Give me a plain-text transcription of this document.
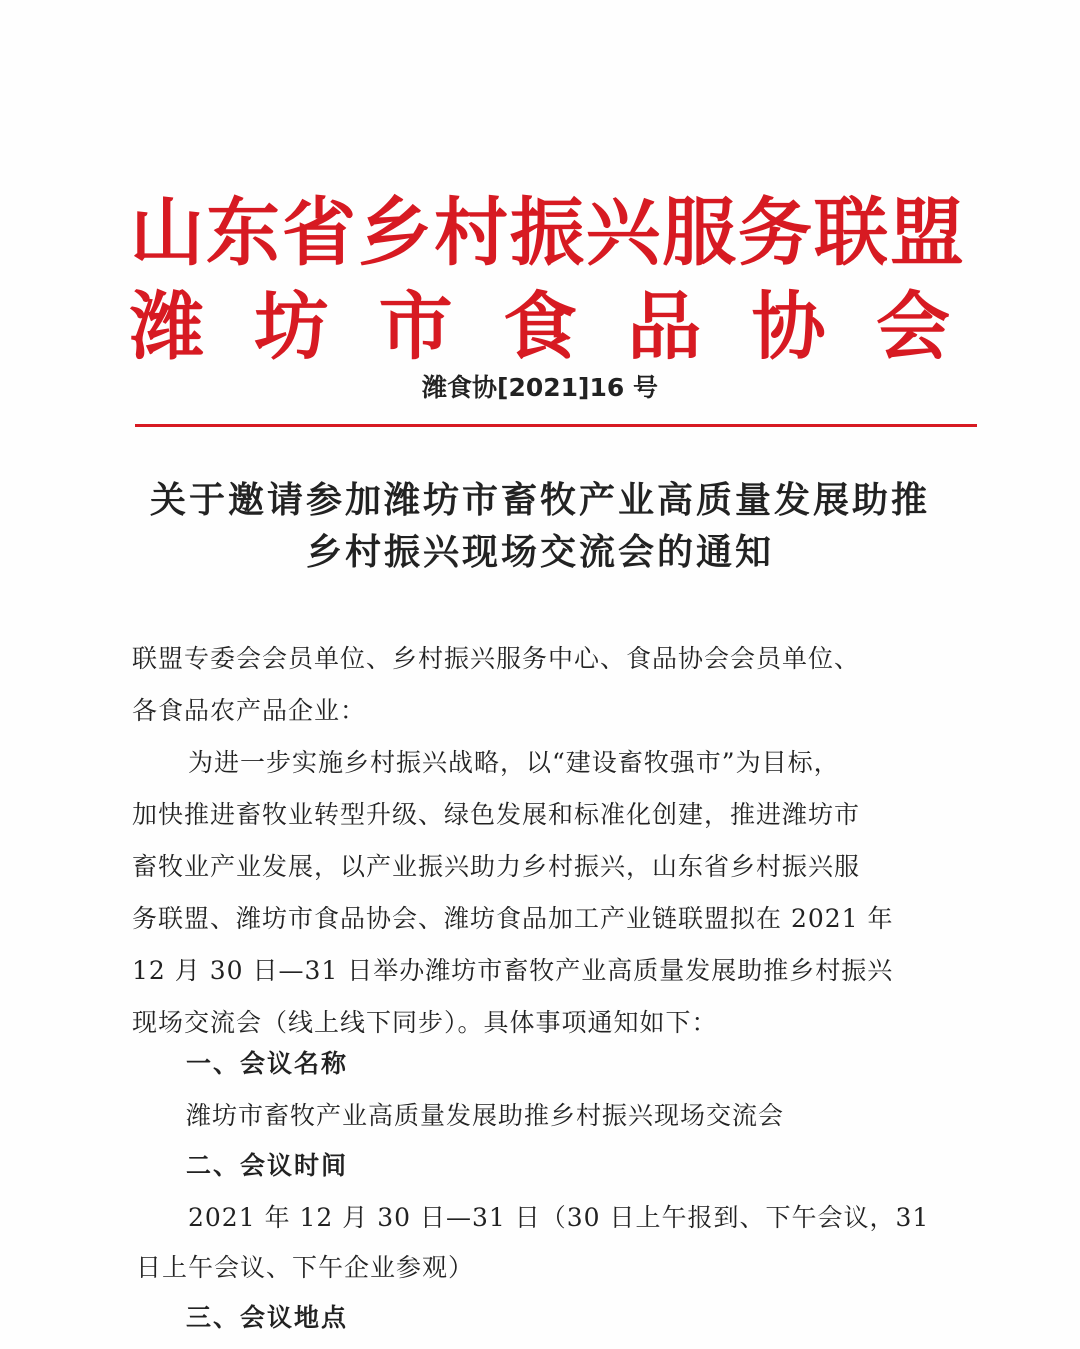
山东省乡村振兴服务联盟
潍 坊 市 食 品 协 会
潍食协[2021]16 号
关于邀请参加潍坊市畜牧产业高质量发展助推
乡村振兴现场交流会的通知

联盟专委会会员单位、乡村振兴服务中心、食品协会会员单位、

各食品农产品企业：

为进一步实施乡村振兴战略，以“建设畜牧强市”为目标，

加快推进畜牧业转型升级、绿色发展和标准化创建，推进潍坊市

畜牧业产业发展，以产业振兴助力乡村振兴，山东省乡村振兴服

务联盟、潍坊市食品协会、潍坊食品加工产业链联盟拟在 2021 年

12 月 30 日—31 日举办潍坊市畜牧产业高质量发展助推乡村振兴

现场交流会（线上线下同步）。具体事项通知如下：

一、会议名称

潍坊市畜牧产业高质量发展助推乡村振兴现场交流会

二、会议时间

2021 年 12 月 30 日—31 日（30 日上午报到、下午会议，31

日上午会议、下午企业参观）

三、会议地点
